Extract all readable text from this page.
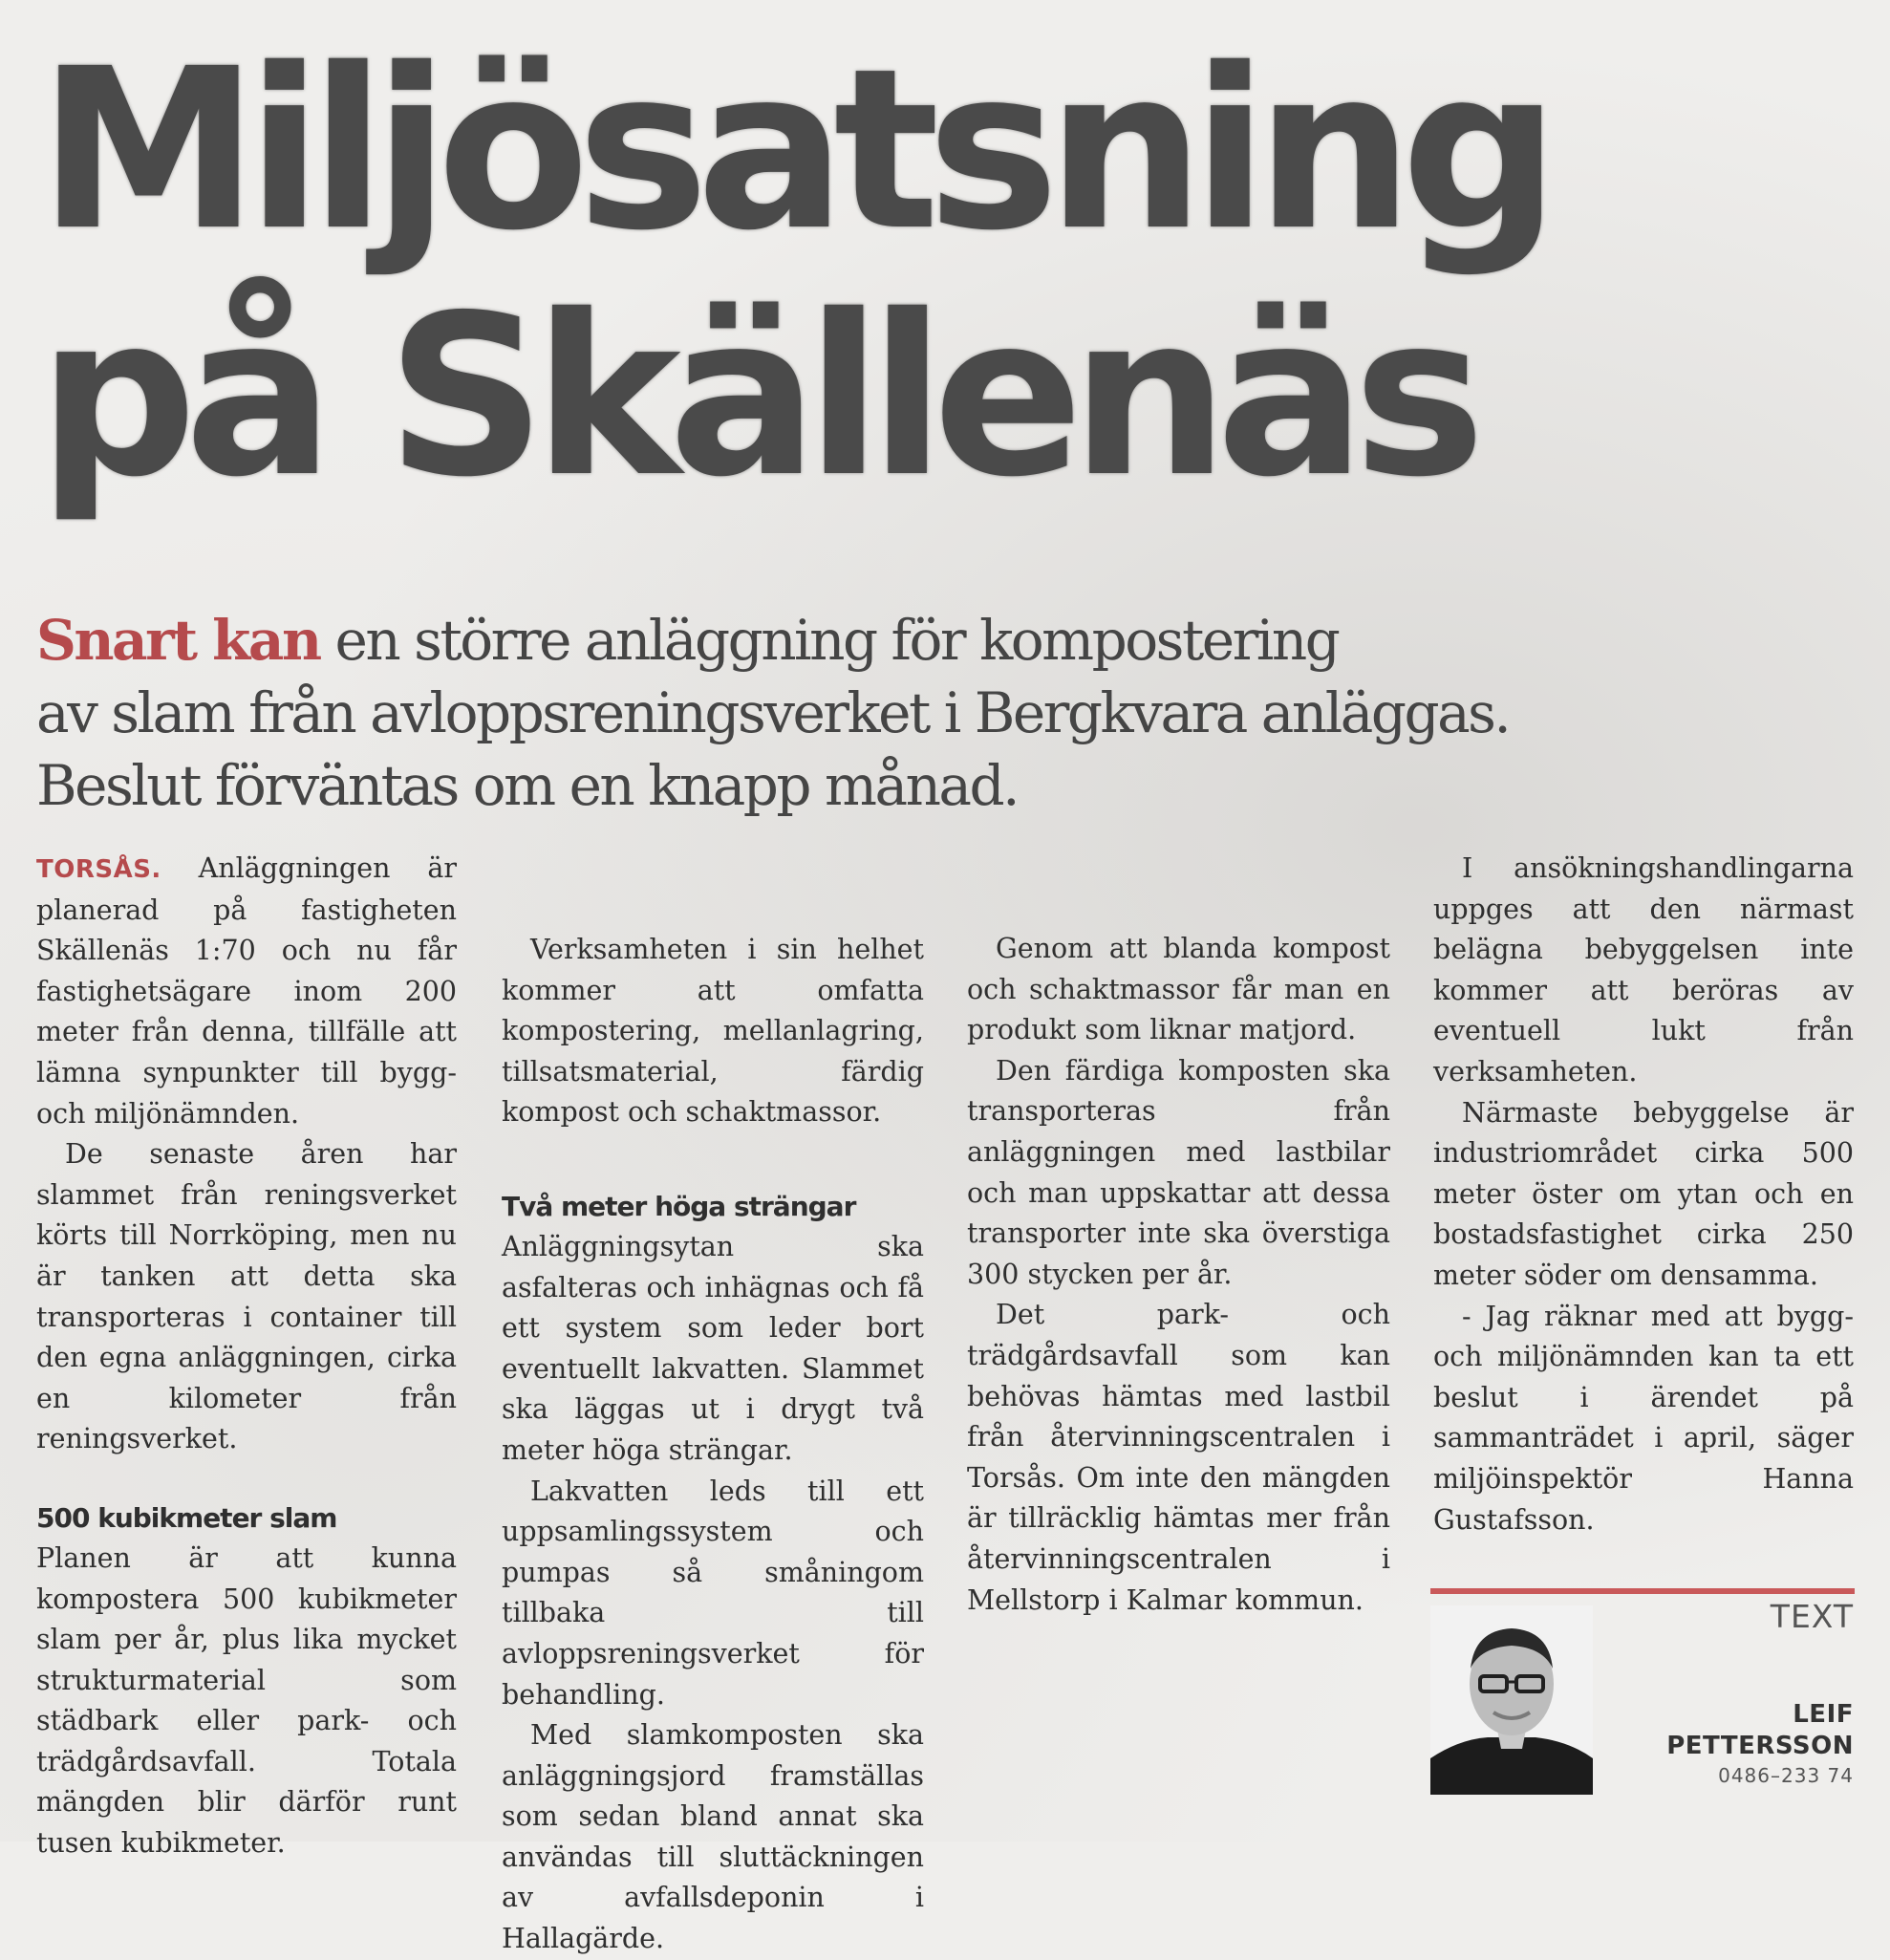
Miljösatsning
på Skällenäs

Snart kan en större anläggning för kompostering
av slam från avloppsreningsverket i Bergkvara anläggas.
Beslut förväntas om en knapp månad.

TORSÅS. Anläggningen är planerad på fastigheten Skällenäs 1:70 och nu får fastighetsägare inom 200 meter från denna, tillfälle att lämna synpunkter till bygg- och miljönämnden.

De senaste åren har slammet från reningsverket körts till Norrköping, men nu är tanken att detta ska transporteras i container till den egna anläggningen, cirka en kilometer från reningsverket.

500 kubikmeter slam

Planen är att kunna kompostera 500 kubikmeter slam per år, plus lika mycket strukturmaterial som städbark eller park- och trädgårdsavfall. Totala mängden blir därför runt tusen kubikmeter.

Verksamheten i sin helhet kommer att omfatta kompostering, mellanlagring, tillsatsmaterial, färdig kompost och schaktmassor.

Två meter höga strängar

Anläggningsytan ska asfalteras och inhägnas och få ett system som leder bort eventuellt lakvatten. Slammet ska läggas ut i drygt två meter höga strängar.

Lakvatten leds till ett uppsamlingssystem och pumpas så småningom tillbaka till avloppsreningsverket för behandling.

Med slamkomposten ska anläggningsjord framställas som sedan bland annat ska användas till sluttäckningen av avfallsdeponin i Hallagärde.

Genom att blanda kompost och schaktmassor får man en produkt som liknar matjord.

Den färdiga komposten ska transporteras från anläggningen med lastbilar och man uppskattar att dessa transporter inte ska överstiga 300 stycken per år.

Det park- och trädgårdsavfall som kan behövas hämtas med lastbil från återvinningscentralen i Torsås. Om inte den mängden är tillräcklig hämtas mer från återvinningscentralen i Mellstorp i Kalmar kommun.

I ansökningshandlingarna uppges att den närmast belägna bebyggelsen inte kommer att beröras av eventuell lukt från verksamheten.

Närmaste bebyggelse är industriområdet cirka 500 meter öster om ytan och en bostadsfastighet cirka 250 meter söder om densamma.

- Jag räknar med att bygg- och miljönämnden kan ta ett beslut i ärendet på sammanträdet i april, säger miljöinspektör Hanna Gustafsson.

TEXT
LEIF
PETTERSSON
0486–233 74
